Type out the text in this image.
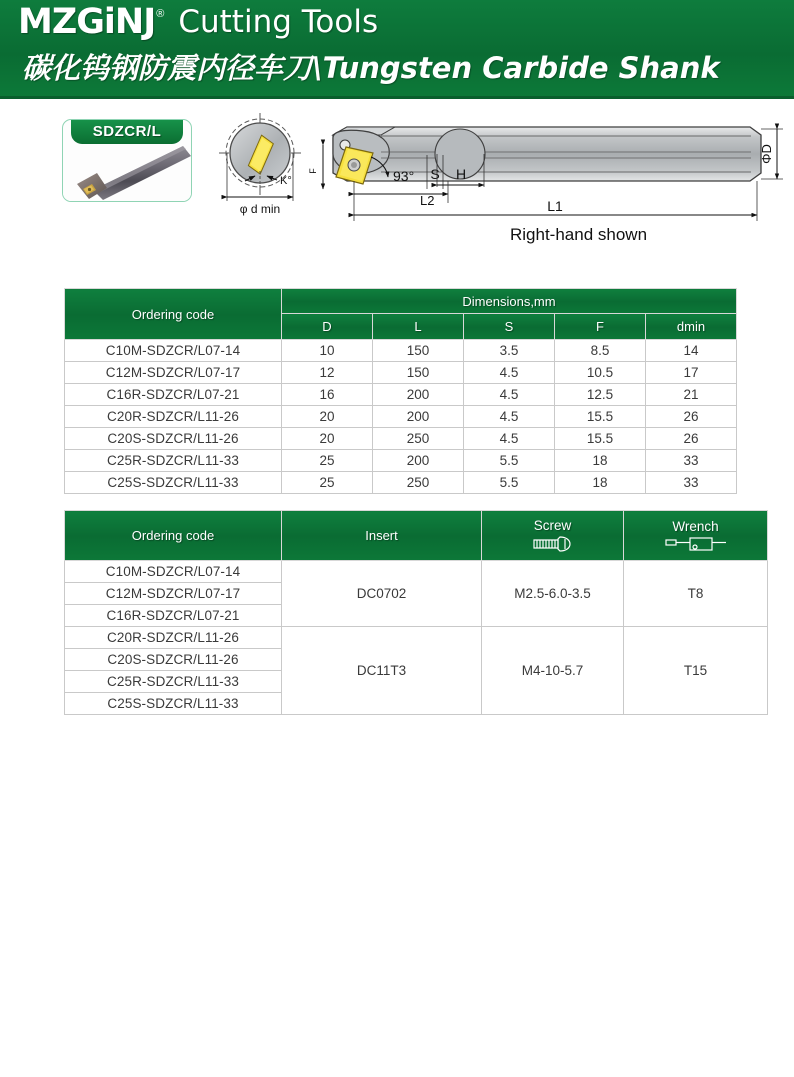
MZGiNJ ® Cutting Tools
碳化钨钢防震内径车刀\Tungsten Carbide Shank
SDZCR/L
K°
φ d min
93°
F	S H
L2	L1
ΦD
Right-hand shown
Ordering code	Dimensions,mm				
	D	L	S	F	dmin
C10M-SDZCR/L07-14	10	150	3.5	8.5	14
C12M-SDZCR/L07-17	12	150	4.5	10.5	17
C16R-SDZCR/L07-21	16	200	4.5	12.5	21
C20R-SDZCR/L11-26	20	200	4.5	15.5	26
C20S-SDZCR/L11-26	20	250	4.5	15.5	26
C25R-SDZCR/L11-33	25	200	5.5	18	33
C25S-SDZCR/L11-33	25	250	5.5	18	33
Ordering code	Insert	Screw	Wrench

C10M-SDZCR/L07-14	DC0702	M2.5-6.0-3.5	T8
C12M-SDZCR/L07-17			
C16R-SDZCR/L07-21			
C20R-SDZCR/L11-26	DC11T3	M4-10-5.7	T15
C20S-SDZCR/L11-26			
C25R-SDZCR/L11-33			
C25S-SDZCR/L11-33			
